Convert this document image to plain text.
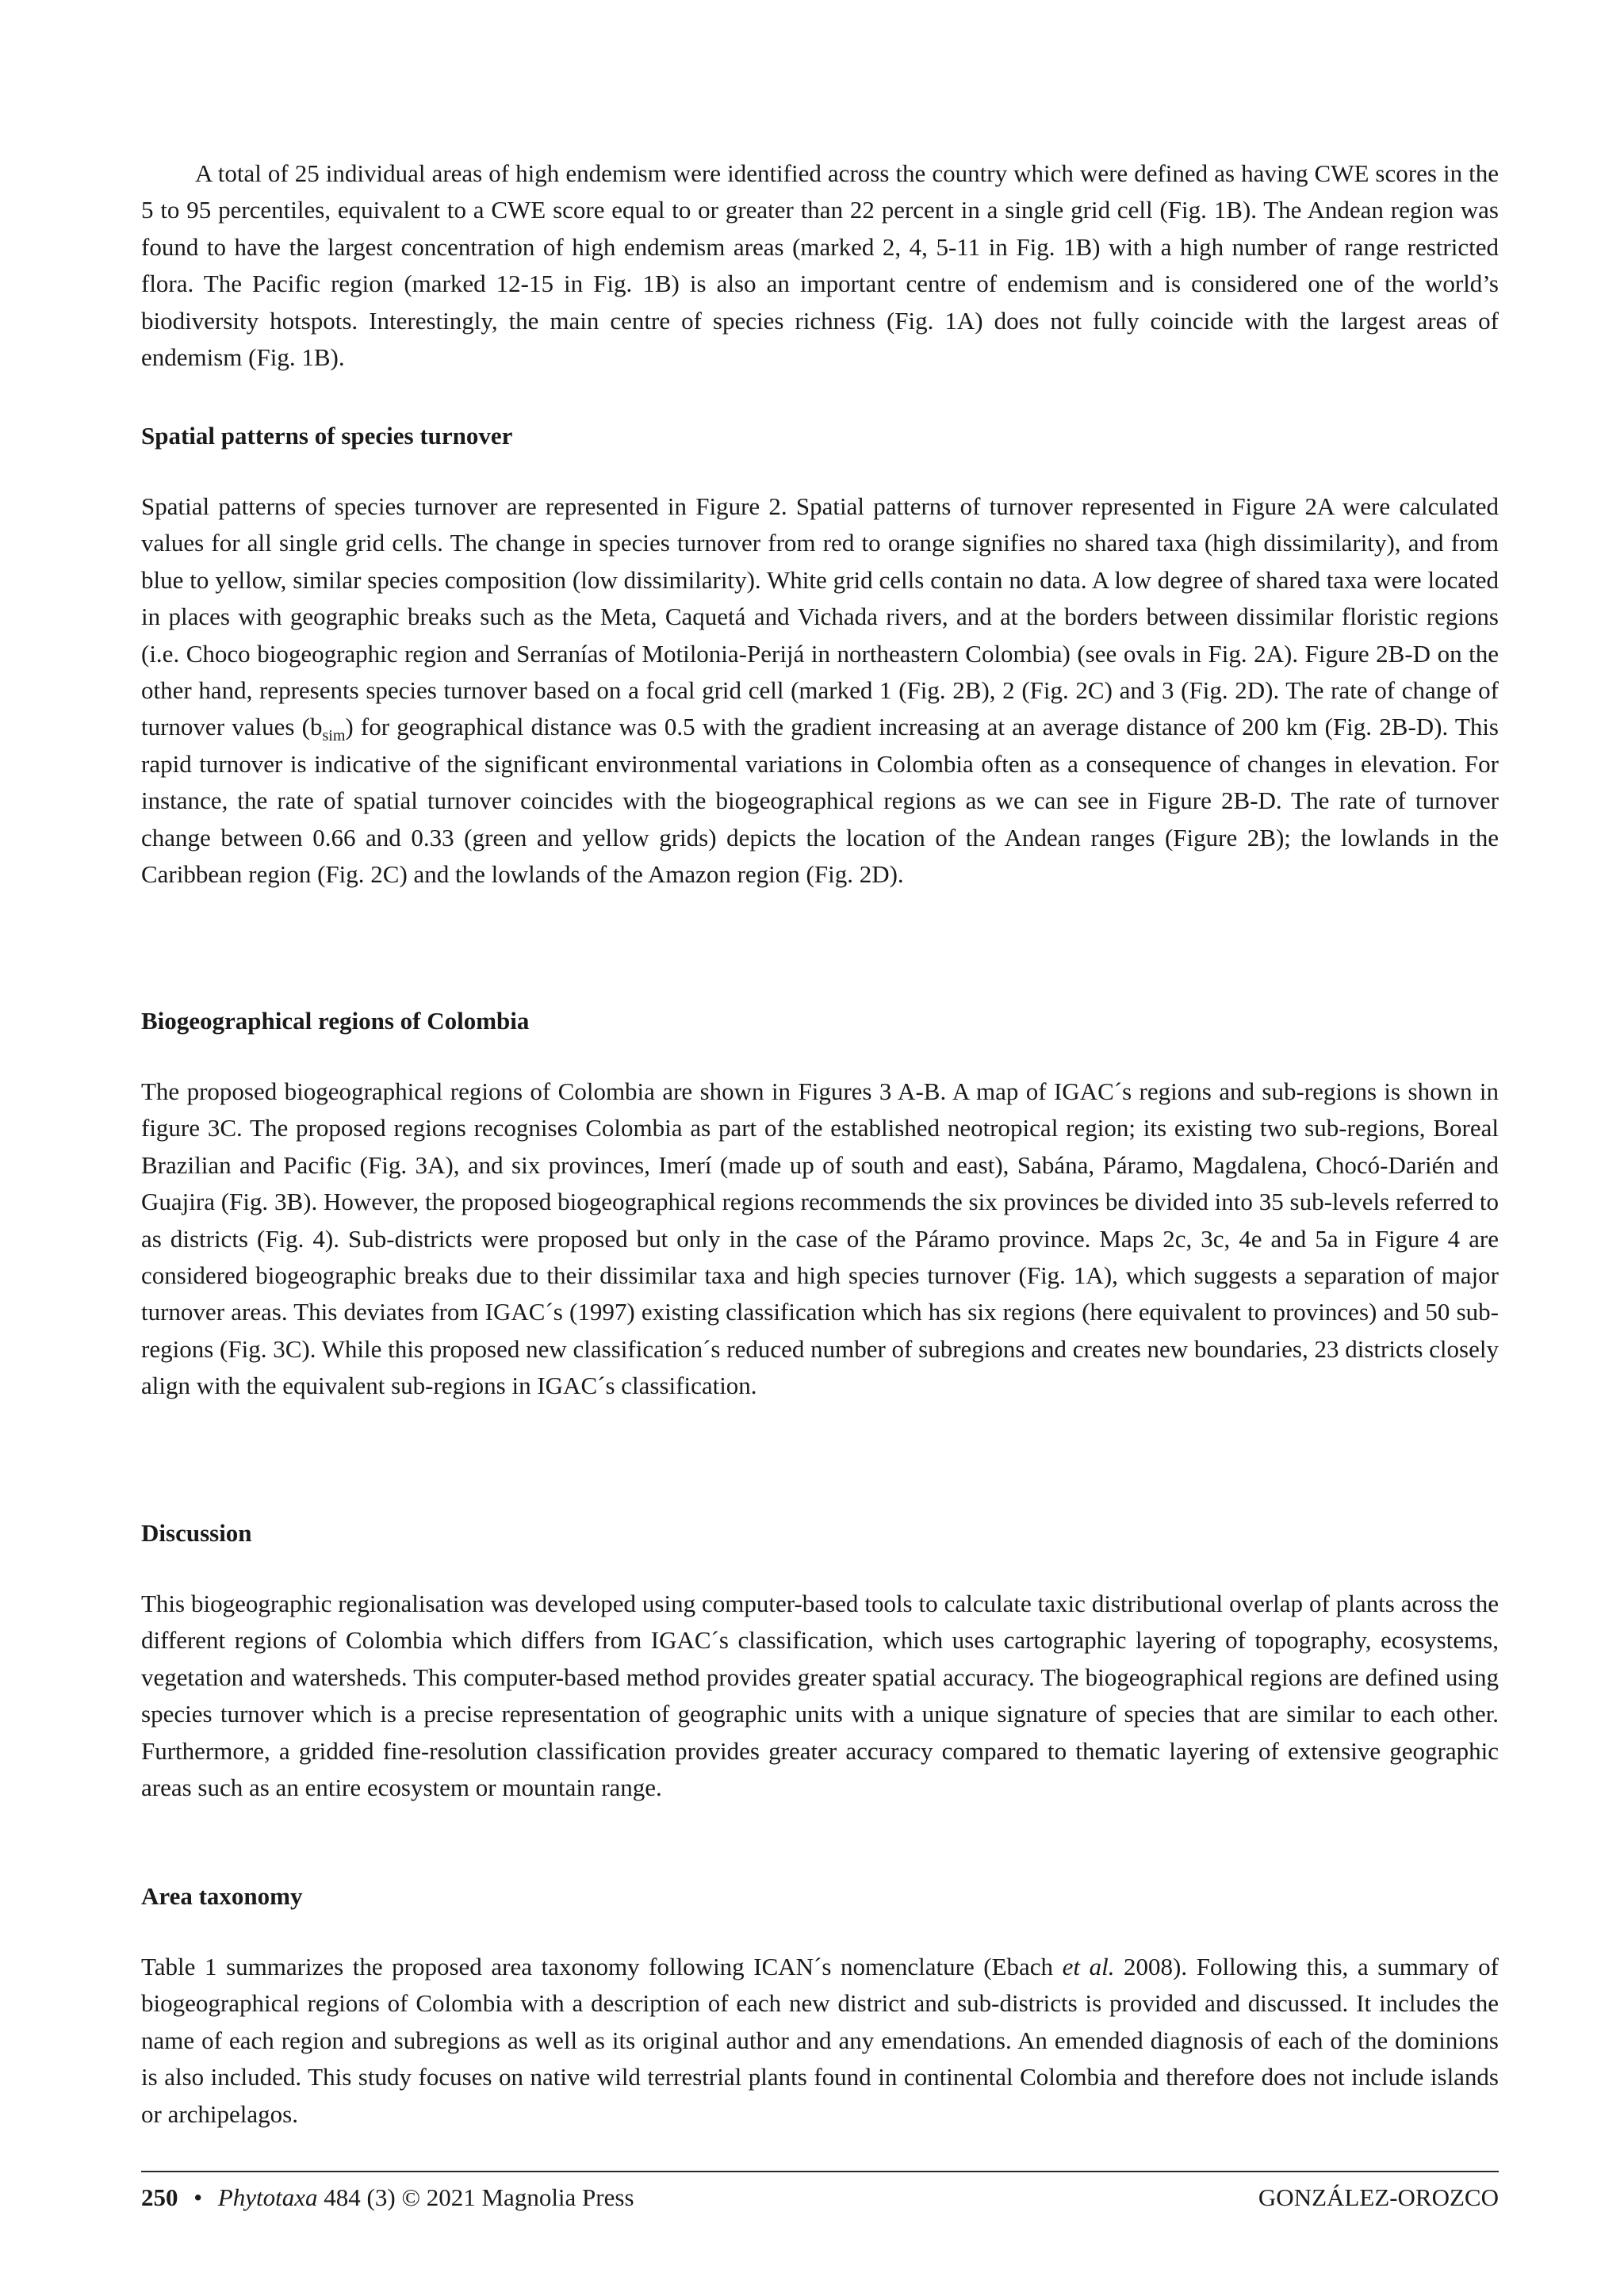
A total of 25 individual areas of high endemism were identified across the country which were defined as having CWE scores in the 5 to 95 percentiles, equivalent to a CWE score equal to or greater than 22 percent in a single grid cell (Fig. 1B). The Andean region was found to have the largest concentration of high endemism areas (marked 2, 4, 5-11 in Fig. 1B) with a high number of range restricted flora. The Pacific region (marked 12-15 in Fig. 1B) is also an important centre of endemism and is considered one of the world’s biodiversity hotspots. Interestingly, the main centre of species richness (Fig. 1A) does not fully coincide with the largest areas of endemism (Fig. 1B).

Spatial patterns of species turnover

Spatial patterns of species turnover are represented in Figure 2. Spatial patterns of turnover represented in Figure 2A were calculated values for all single grid cells. The change in species turnover from red to orange signifies no shared taxa (high dissimilarity), and from blue to yellow, similar species composition (low dissimilarity). White grid cells contain no data. A low degree of shared taxa were located in places with geographic breaks such as the Meta, Caquetá and Vichada rivers, and at the borders between dissimilar floristic regions (i.e. Choco biogeographic region and Serranías of Motilonia-Perijá in northeastern Colombia) (see ovals in Fig. 2A). Figure 2B-D on the other hand, represents species turnover based on a focal grid cell (marked 1 (Fig. 2B), 2 (Fig. 2C) and 3 (Fig. 2D). The rate of change of turnover values $(b_{sim})$ for geographical distance was 0.5 with the gradient increasing at an average distance of 200 km (Fig. 2B-D). This rapid turnover is indicative of the significant environmental variations in Colombia often as a consequence of changes in elevation. For instance, the rate of spatial turnover coincides with the biogeographical regions as we can see in Figure 2B-D. The rate of turnover change between 0.66 and 0.33 (green and yellow grids) depicts the location of the Andean ranges (Figure 2B); the lowlands in the Caribbean region (Fig. 2C) and the lowlands of the Amazon region (Fig. 2D).

Biogeographical regions of Colombia

The proposed biogeographical regions of Colombia are shown in Figures 3 A-B. A map of IGAC´s regions and sub-regions is shown in figure 3C. The proposed regions recognises Colombia as part of the established neotropical region; its existing two sub-regions, Boreal Brazilian and Pacific (Fig. 3A), and six provinces, Imerí (made up of south and east), Sabána, Páramo, Magdalena, Chocó-Darién and Guajira (Fig. 3B). However, the proposed biogeographical regions recommends the six provinces be divided into 35 sub-levels referred to as districts (Fig. 4). Sub-districts were proposed but only in the case of the Páramo province. Maps 2c, 3c, 4e and 5a in Figure 4 are considered biogeographic breaks due to their dissimilar taxa and high species turnover (Fig. 1A), which suggests a separation of major turnover areas. This deviates from IGAC´s (1997) existing classification which has six regions (here equivalent to provinces) and 50 sub-regions (Fig. 3C). While this proposed new classification´s reduced number of subregions and creates new boundaries, 23 districts closely align with the equivalent sub-regions in IGAC´s classification.

Discussion

This biogeographic regionalisation was developed using computer-based tools to calculate taxic distributional overlap of plants across the different regions of Colombia which differs from IGAC´s classification, which uses cartographic layering of topography, ecosystems, vegetation and watersheds. This computer-based method provides greater spatial accuracy. The biogeographical regions are defined using species turnover which is a precise representation of geographic units with a unique signature of species that are similar to each other. Furthermore, a gridded fine-resolution classification provides greater accuracy compared to thematic layering of extensive geographic areas such as an entire ecosystem or mountain range.

Area taxonomy

Table 1 summarizes the proposed area taxonomy following ICAN´s nomenclature (Ebach et al. 2008). Following this, a summary of biogeographical regions of Colombia with a description of each new district and sub-districts is provided and discussed. It includes the name of each region and subregions as well as its original author and any emendations. An emended diagnosis of each of the dominions is also included. This study focuses on native wild terrestrial plants found in continental Colombia and therefore does not include islands or archipelagos.

250 • Phytotaxa 484 (3) © 2021 Magnolia Press	GONZÁLEZ-OROZCO
